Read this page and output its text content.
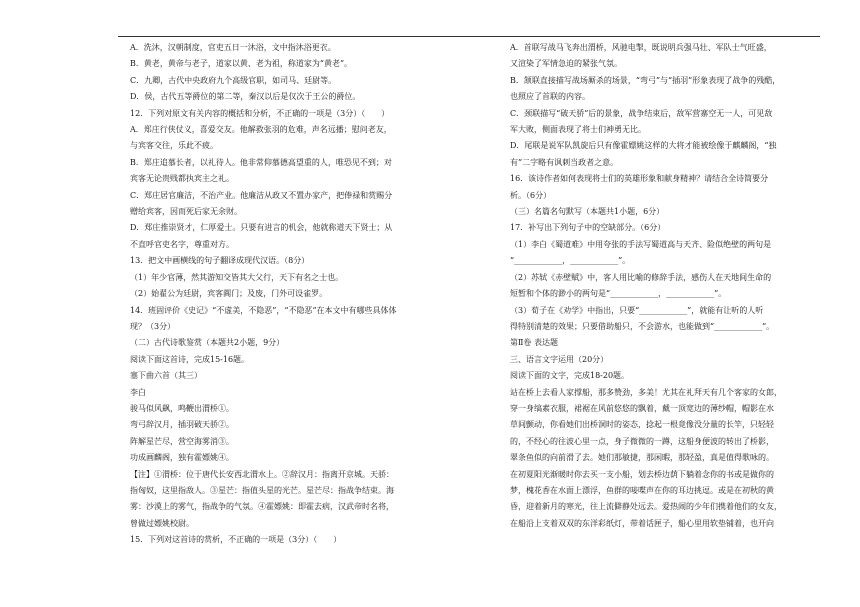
A．洗沐，汉朝制度，官吏五日一沐浴，文中指沐浴更衣。

B．黄老，黄帝与老子，道家以黄、老为祖，称道家为“黄老”。

C．九卿，古代中央政府九个高级官职，如司马、廷尉等。

D．侯，古代五等爵位的第二等，秦汉以后是仅次于王公的爵位。

12．下列对原文有关内容的概括和分析，不正确的一项是（3分）（　　）

A．郑庄行侠仗义，喜爱交友。他解救张羽的危难，声名远播；慰问老友，

与宾客交往，乐此不疲。

B．郑庄追慕长者，以礼待人。他非常仰慕德高望重的人，唯恐见不到；对

宾客无论贵贱都执宾主之礼。

C．郑庄居官廉洁，不治产业。他廉洁从政又不置办家产，把俸禄和赏赐分

赠给宾客，因而死后家无余财。

D．郑庄推崇贤才，仁厚爱士。只要有进言的机会，他就称道天下贤士；从

不直呼官吏名字，尊重对方。

13．把文中画横线的句子翻译成现代汉语。（8分）

（1）年少官薄，然其游知交皆其大父行，天下有名之士也。

（2）始翟公为廷尉，宾客阗门；及废，门外可设雀罗。

14．班固评价《史记》“不虚美，不隐恶”，“不隐恶”在本文中有哪些具体体

现？（3分）

（二）古代诗歌鉴赏（本题共2小题，9分）

阅读下面这首诗，完成15-16题。

塞下曲六首（其三）

李白

骏马似风飙，鸣鞭出渭桥①。

弯弓辞汉月，插羽破天骄②。

阵解星芒尽，营空海雾消③。

功成画麟阁，独有霍嫖姚④。

【注】①渭桥：位于唐代长安西北渭水上。②辞汉月：指离开京城。天骄：

指匈奴，这里指敌人。③星芒：指值头星的光芒。星芒尽：指战争结束。海

雾：沙漠上的雾气，指战争的气氛。④霍嫖姚：即霍去病，汉武帝时名将，

曾做过嫖姚校尉。

15．下列对这首诗的赏析，不正确的一项是（3分）（　　）

A．首联写战马飞奔出渭桥，风驰电掣，既说明兵强马壮、军队士气旺盛，

又渲染了军情急迫的紧张气氛。

B．颔联直接描写战场厮杀的场景，“弯弓”与“插羽”形象表现了战争的残酷，

也照应了首联的内容。

C．颈联描写“破天骄”后的景象，战争结束后，敌军营寨空无一人，可见敌

军大败，侧面表现了将士们神勇无比。

D．尾联是说军队凯旋后只有像霍嫖姚这样的大将才能被绘像于麒麟阁，“独

有”二字略有讽刺当政者之意。

16．该诗作者如何表现将士们的英雄形象和献身精神？请结合全诗简要分

析。（6分）

（三）名篇名句默写（本题共1小题，6分）

17．补写出下列句子中的空缺部分。（6分）

（1）李白《蜀道难》中用夸张的手法写蜀道高与天齐、险似绝壁的两句是

“____________，____________”。

（2）苏轼《赤壁赋》中，客人用比喻的修辞手法，感伤人在天地间生命的

短暂和个体的渺小的两句是“____________，____________”。

（3）荀子在《劝学》中指出，只要“____________”，就能有让听的人听

得特别清楚的效果；只要借助船只，不会游水，也能做到“____________”。

第Ⅱ卷 表达题

三、语言文字运用（20分）

阅读下面的文字，完成18-20题。

站在桥上去看人家撑船，那多赞劲，多美！尤其在礼拜天有几个客家的女郎，

穿一身缟素衣服，裙裾在风前悠悠的飘着，戴一顶宽边的薄纱帽，帽影在水

草间颤动，你看她们出桥洞时的姿态，捻起一根竟像没分量的长竿，只轻轻

的，不经心的往波心里一点，身子微微的一蹲，这船身便波的转出了桥影，

翠条鱼似的向前滑了去。她们那敏捷，那闲暇，那轻盈，真是值得歌咏的。

在初夏阳光渐暖时你去买一支小船，划去桥边荫下躺着念你的书或是做你的

梦，槐花香在水面上漂浮，鱼群的唼喋声在你的耳边挑逗。或是在初秋的黄

昏，迎着新月的寒光，往上流僻静处远去。爱热闹的少年们携着他们的女友，

在船沿上支着双双的东洋彩纸灯，带着话匣子，船心里用软垫铺着，也开向
